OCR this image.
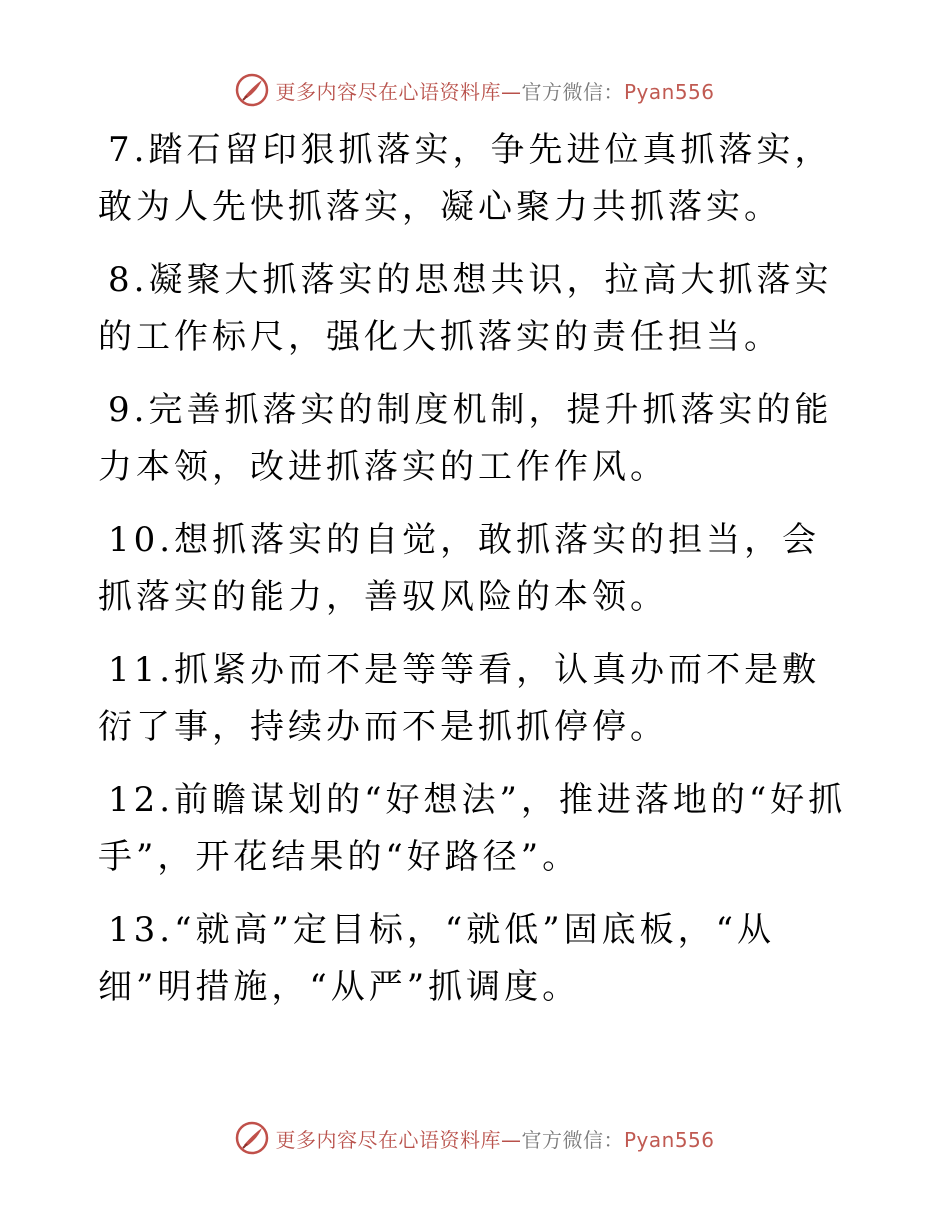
更多内容尽在心语资料库—官方微信：Pyan556

7.踏石留印狠抓落实，争先进位真抓落实，敢为人先快抓落实，凝心聚力共抓落实。

8.凝聚大抓落实的思想共识，拉高大抓落实的工作标尺，强化大抓落实的责任担当。

9.完善抓落实的制度机制，提升抓落实的能力本领，改进抓落实的工作作风。

10.想抓落实的自觉，敢抓落实的担当，会抓落实的能力，善驭风险的本领。

11.抓紧办而不是等等看，认真办而不是敷衍了事，持续办而不是抓抓停停。

12.前瞻谋划的“好想法”，推进落地的“好抓手”，开花结果的“好路径”。

13.“就高”定目标，“就低”固底板，“从细”明措施，“从严”抓调度。

更多内容尽在心语资料库—官方微信：Pyan556
